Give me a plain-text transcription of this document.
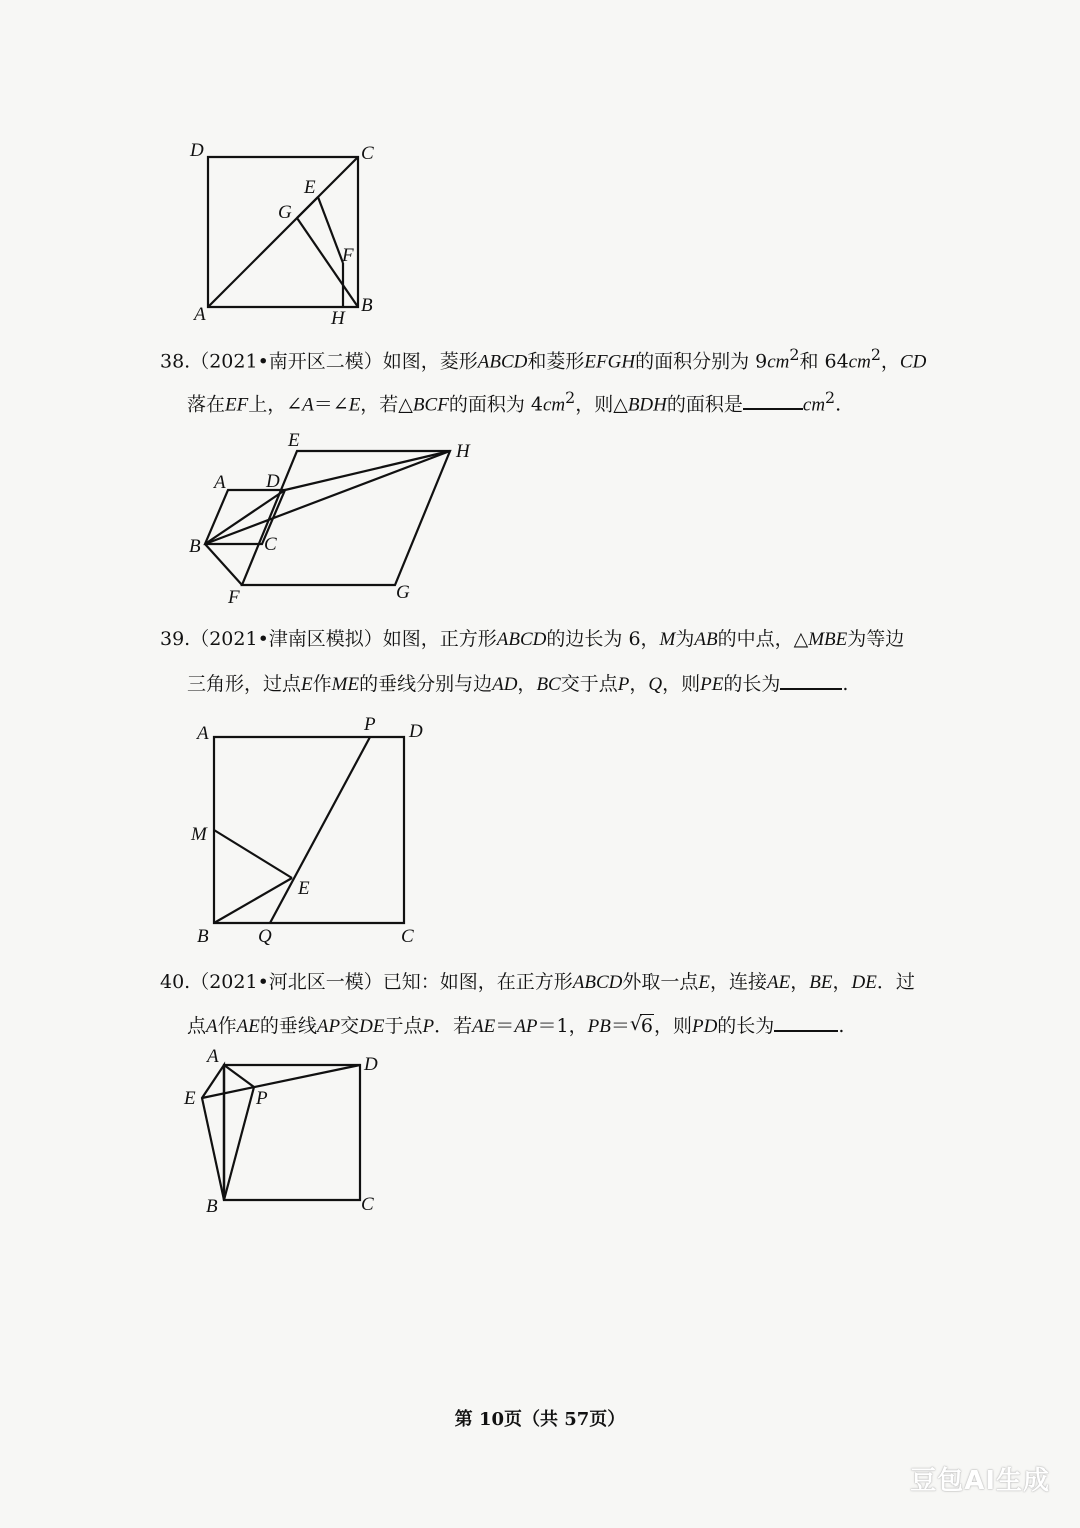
D	C
E
G
F
A	H
B
38.（2021•南开区二模）如图，菱形ABCD和菱形EFGH的面积分别为 $9cm^2$和 $64cm^2$，CD
落在EF上，∠A＝∠E，若△BCF的面积为 $4cm^2$，则△BDH的面积是	$cm^2$.
E
H
A D
B	C
F	G
39.（2021•津南区模拟）如图，正方形ABCD的边长为 6，M为AB的中点，△MBE为等边
三角形，过点E作ME的垂线分别与边AD，BC交于点P，Q，则PE的长为	.
A	P D
M
E
B	Q	C
40.（2021•河北区一模）已知：如图，在正方形ABCD外取一点E，连接AE，BE，DE．过
点A作AE的垂线AP交DE于点P．若AE＝AP＝1，PB＝ √
6，则PD的长为	.
A	D
E	P
B	C
第 10页（共 57页）
豆包AI生成
